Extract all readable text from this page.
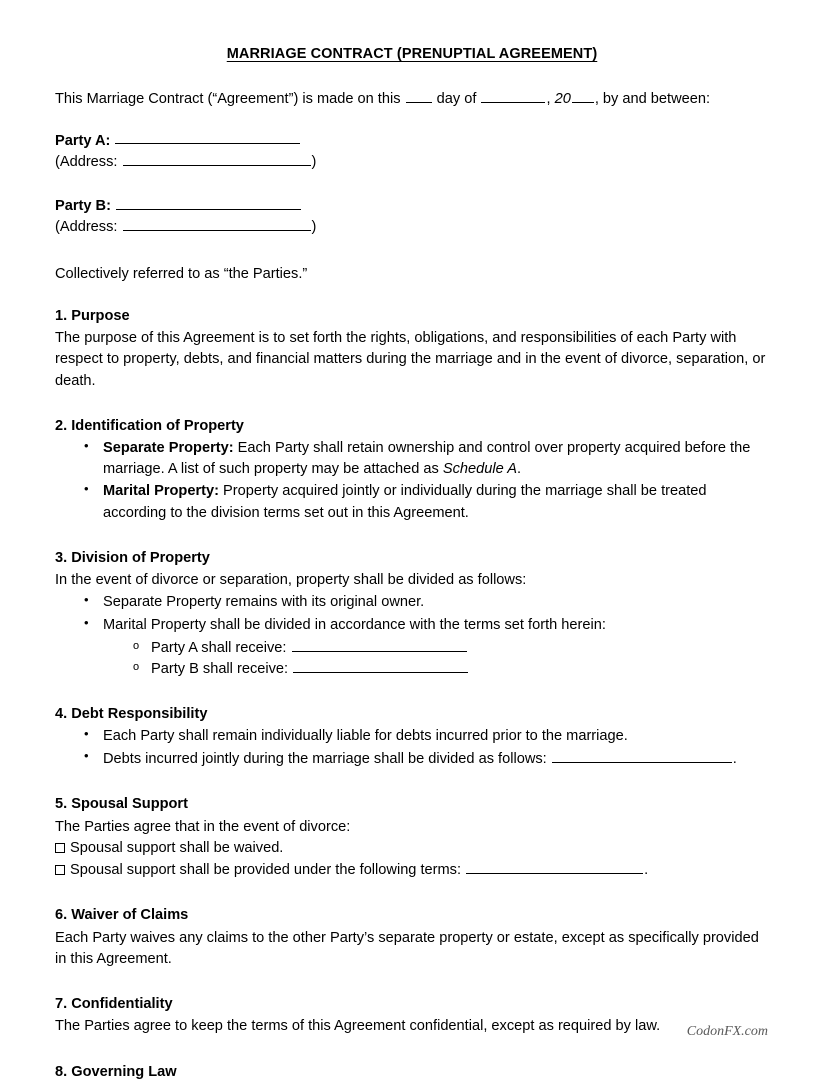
MARRIAGE CONTRACT (PRENUPTIAL AGREEMENT)
This Marriage Contract (“Agreement”) is made on this day of	, 20 , by and between:
Party A:
(Address:	)
Party B:
(Address:	)
Collectively referred to as “the Parties.”
1. Purpose

The purpose of this Agreement is to set forth the rights, obligations, and responsibilities of each Party with respect to property, debts, and financial matters during the marriage and in the event of divorce, separation, or death.

2. Identification of Property
• Separate Property: Each Party shall retain ownership and control over property acquired before the marriage. A list of such property may be attached as Schedule A.
• Marital Property: Property acquired jointly or individually during the marriage shall be treated according to the division terms set out in this Agreement.
3. Division of Property

In the event of divorce or separation, property shall be divided as follows:

• Separate Property remains with its original owner.
• Marital Property shall be divided in accordance with the terms set forth herein:
o Party A shall receive:
o Party B shall receive:
4. Debt Responsibility
• Each Party shall remain individually liable for debts incurred prior to the marriage.
• Debts incurred jointly during the marriage shall be divided as follows:	.
5. Spousal Support

The Parties agree that in the event of divorce:

Spousal support shall be waived.

Spousal support shall be provided under the following terms:	.

6. Waiver of Claims

Each Party waives any claims to the other Party’s separate property or estate, except as specifically provided in this Agreement.

7. Confidentiality

The Parties agree to keep the terms of this Agreement confidential, except as required by law.

8. Governing Law
CodonFX.com
